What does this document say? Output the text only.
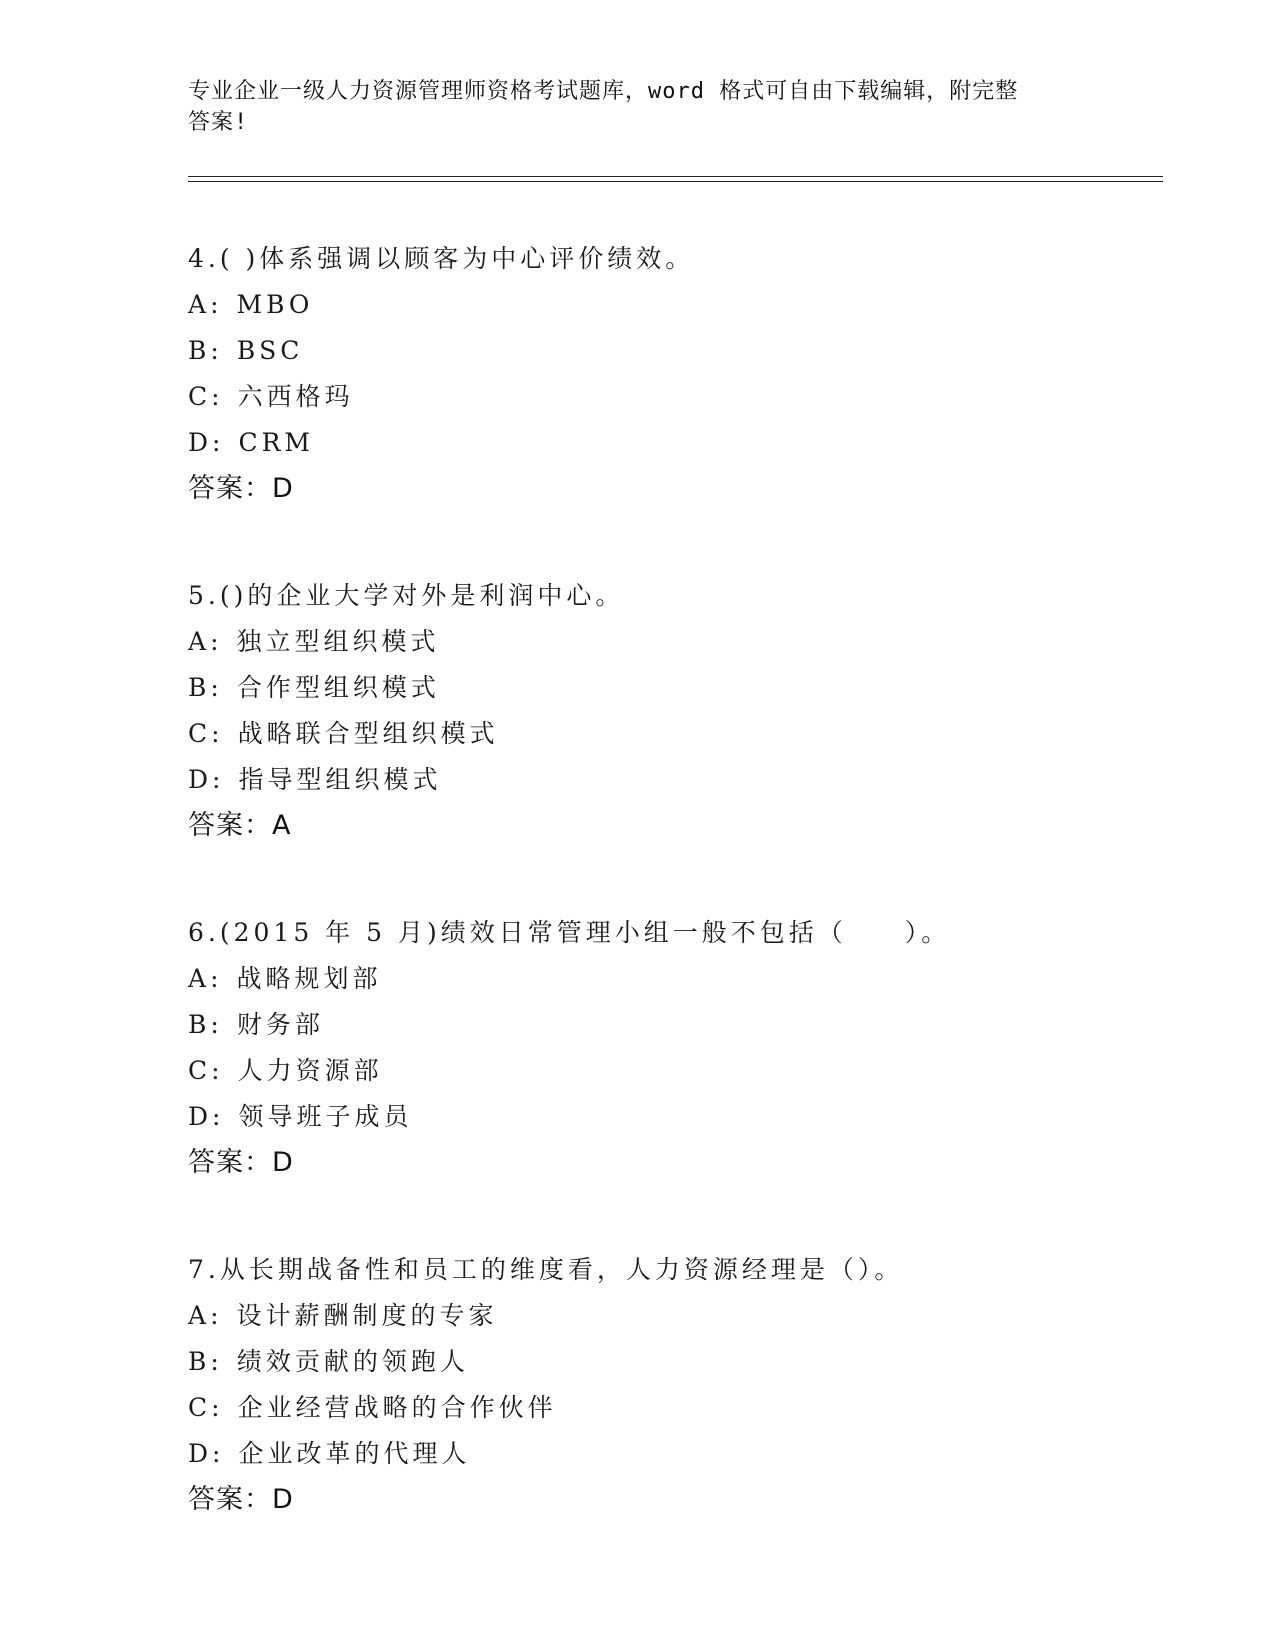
专业企业一级人力资源管理师资格考试题库，word 格式可自由下载编辑，附完整
答案!
4.( )体系强调以顾客为中心评价绩效。
A: MBO
B: BSC
C: 六西格玛
D: CRM
答案：D
5.()的企业大学对外是利润中心。
A: 独立型组织模式
B: 合作型组织模式
C: 战略联合型组织模式
D: 指导型组织模式
答案：A
6.(2015 年 5 月)绩效日常管理小组一般不包括（　　）。
A: 战略规划部
B: 财务部
C: 人力资源部
D: 领导班子成员
答案：D
7.从长期战备性和员工的维度看，人力资源经理是（）。
A: 设计薪酬制度的专家
B: 绩效贡献的领跑人
C: 企业经营战略的合作伙伴
D: 企业改革的代理人
答案：D
